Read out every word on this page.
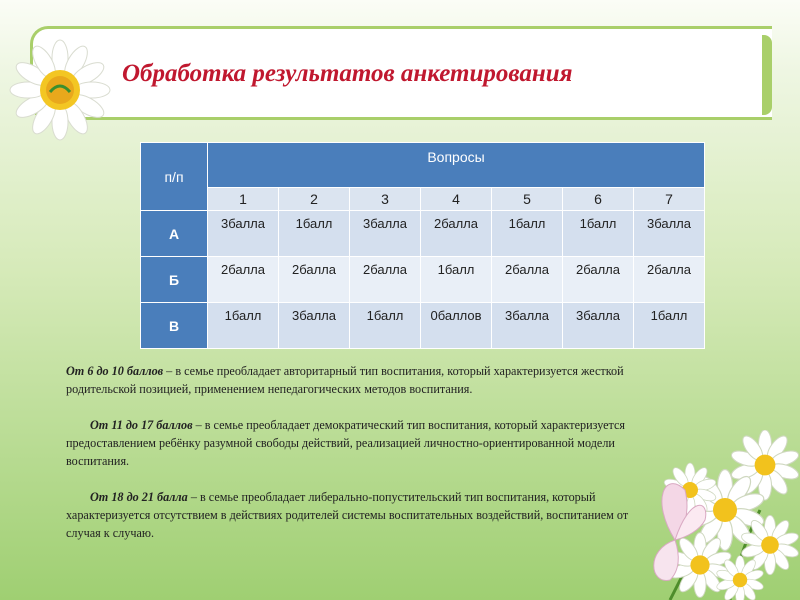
Обработка результатов анкетирования
п/п	Вопросы						
	1	2	3	4	5	6	7
А	3балла	1балл	3балла	2балла	1балл	1балл	3балла
Б	2балла	2балла	2балла	1балл	2балла	2балла	2балла
В	1балл	3балла	1балл	0баллов	3балла	3балла	1балл

От 6 до 10 баллов – в семье преобладает авторитарный тип воспитания, который характеризуется жесткой родительской позицией, применением непедагогических методов воспитания.

От 11 до 17 баллов – в семье преобладает демократический тип воспитания, который характеризуется предоставлением ребёнку разумной свободы действий, реализацией личностно-ориентированной модели воспитания.

От 18 до 21 балла – в семье преобладает либерально-попустительский тип воспитания, который характеризуется отсутствием в действиях родителей системы воспитательных воздействий, воспитанием от случая к случаю.
